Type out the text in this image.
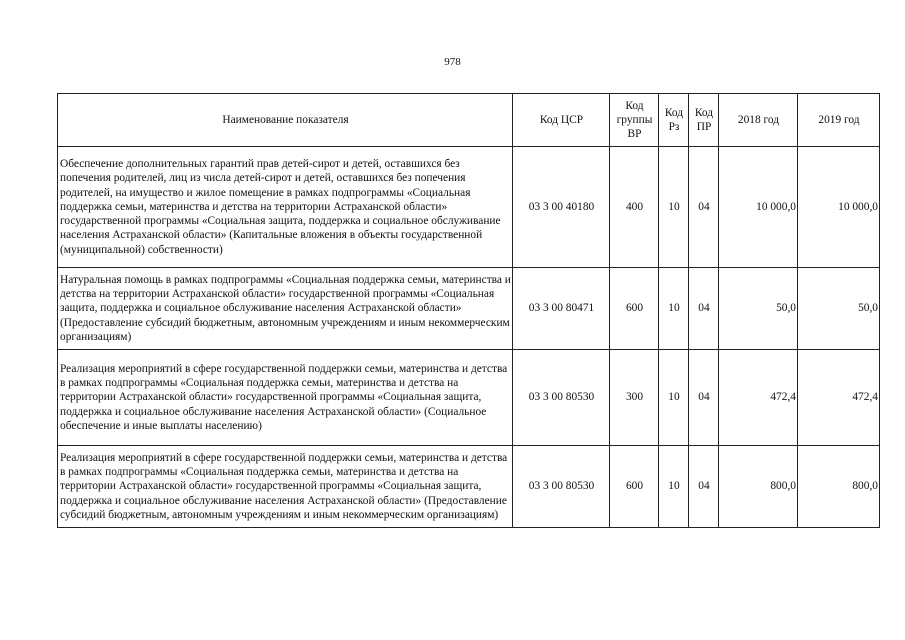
978
Наименование показателя	Код ЦСР	Код группы ВР	Код Рз	Код ПР	2018 год	2019 год
Обеспечение дополнительных гарантий прав детей-сирот и детей, оставшихся без попечения родителей, лиц из числа детей-сирот и детей, оставшихся без попечения родителей, на имущество и жилое помещение в рамках подпрограммы «Социальная поддержка семьи, материнства и детства на территории Астраханской области» государственной программы «Социальная защита, поддержка и социальное обслуживание населения Астраханской области» (Капитальные вложения в объекты государственной (муниципальной) собственности)	03 3 00 40180	400	10	04	10 000,0	10 000,0
Натуральная помощь в рамках подпрограммы «Социальная поддержка семьи, материнства и детства на территории Астраханской области» государственной программы «Социальная защита, поддержка и социальное обслуживание населения Астраханской области» (Предоставление субсидий бюджетным, автономным учреждениям и иным некоммерческим организациям)	03 3 00 80471	600	10	04	50,0	50,0
Реализация мероприятий в сфере государственной поддержки семьи, материнства и детства в рамках подпрограммы «Социальная поддержка семьи, материнства и детства на территории Астраханской области» государственной программы «Социальная защита, поддержка и социальное обслуживание населения Астраханской области» (Социальное обеспечение и иные выплаты населению)	03 3 00 80530	300	10	04	472,4	472,4
Реализация мероприятий в сфере государственной поддержки семьи, материнства и детства в рамках подпрограммы «Социальная поддержка семьи, материнства и детства на территории Астраханской области» государственной программы «Социальная защита, поддержка и социальное обслуживание населения Астраханской области» (Предоставление субсидий бюджетным, автономным учреждениям и иным некоммерческим организациям)	03 3 00 80530	600	10	04	800,0	800,0
